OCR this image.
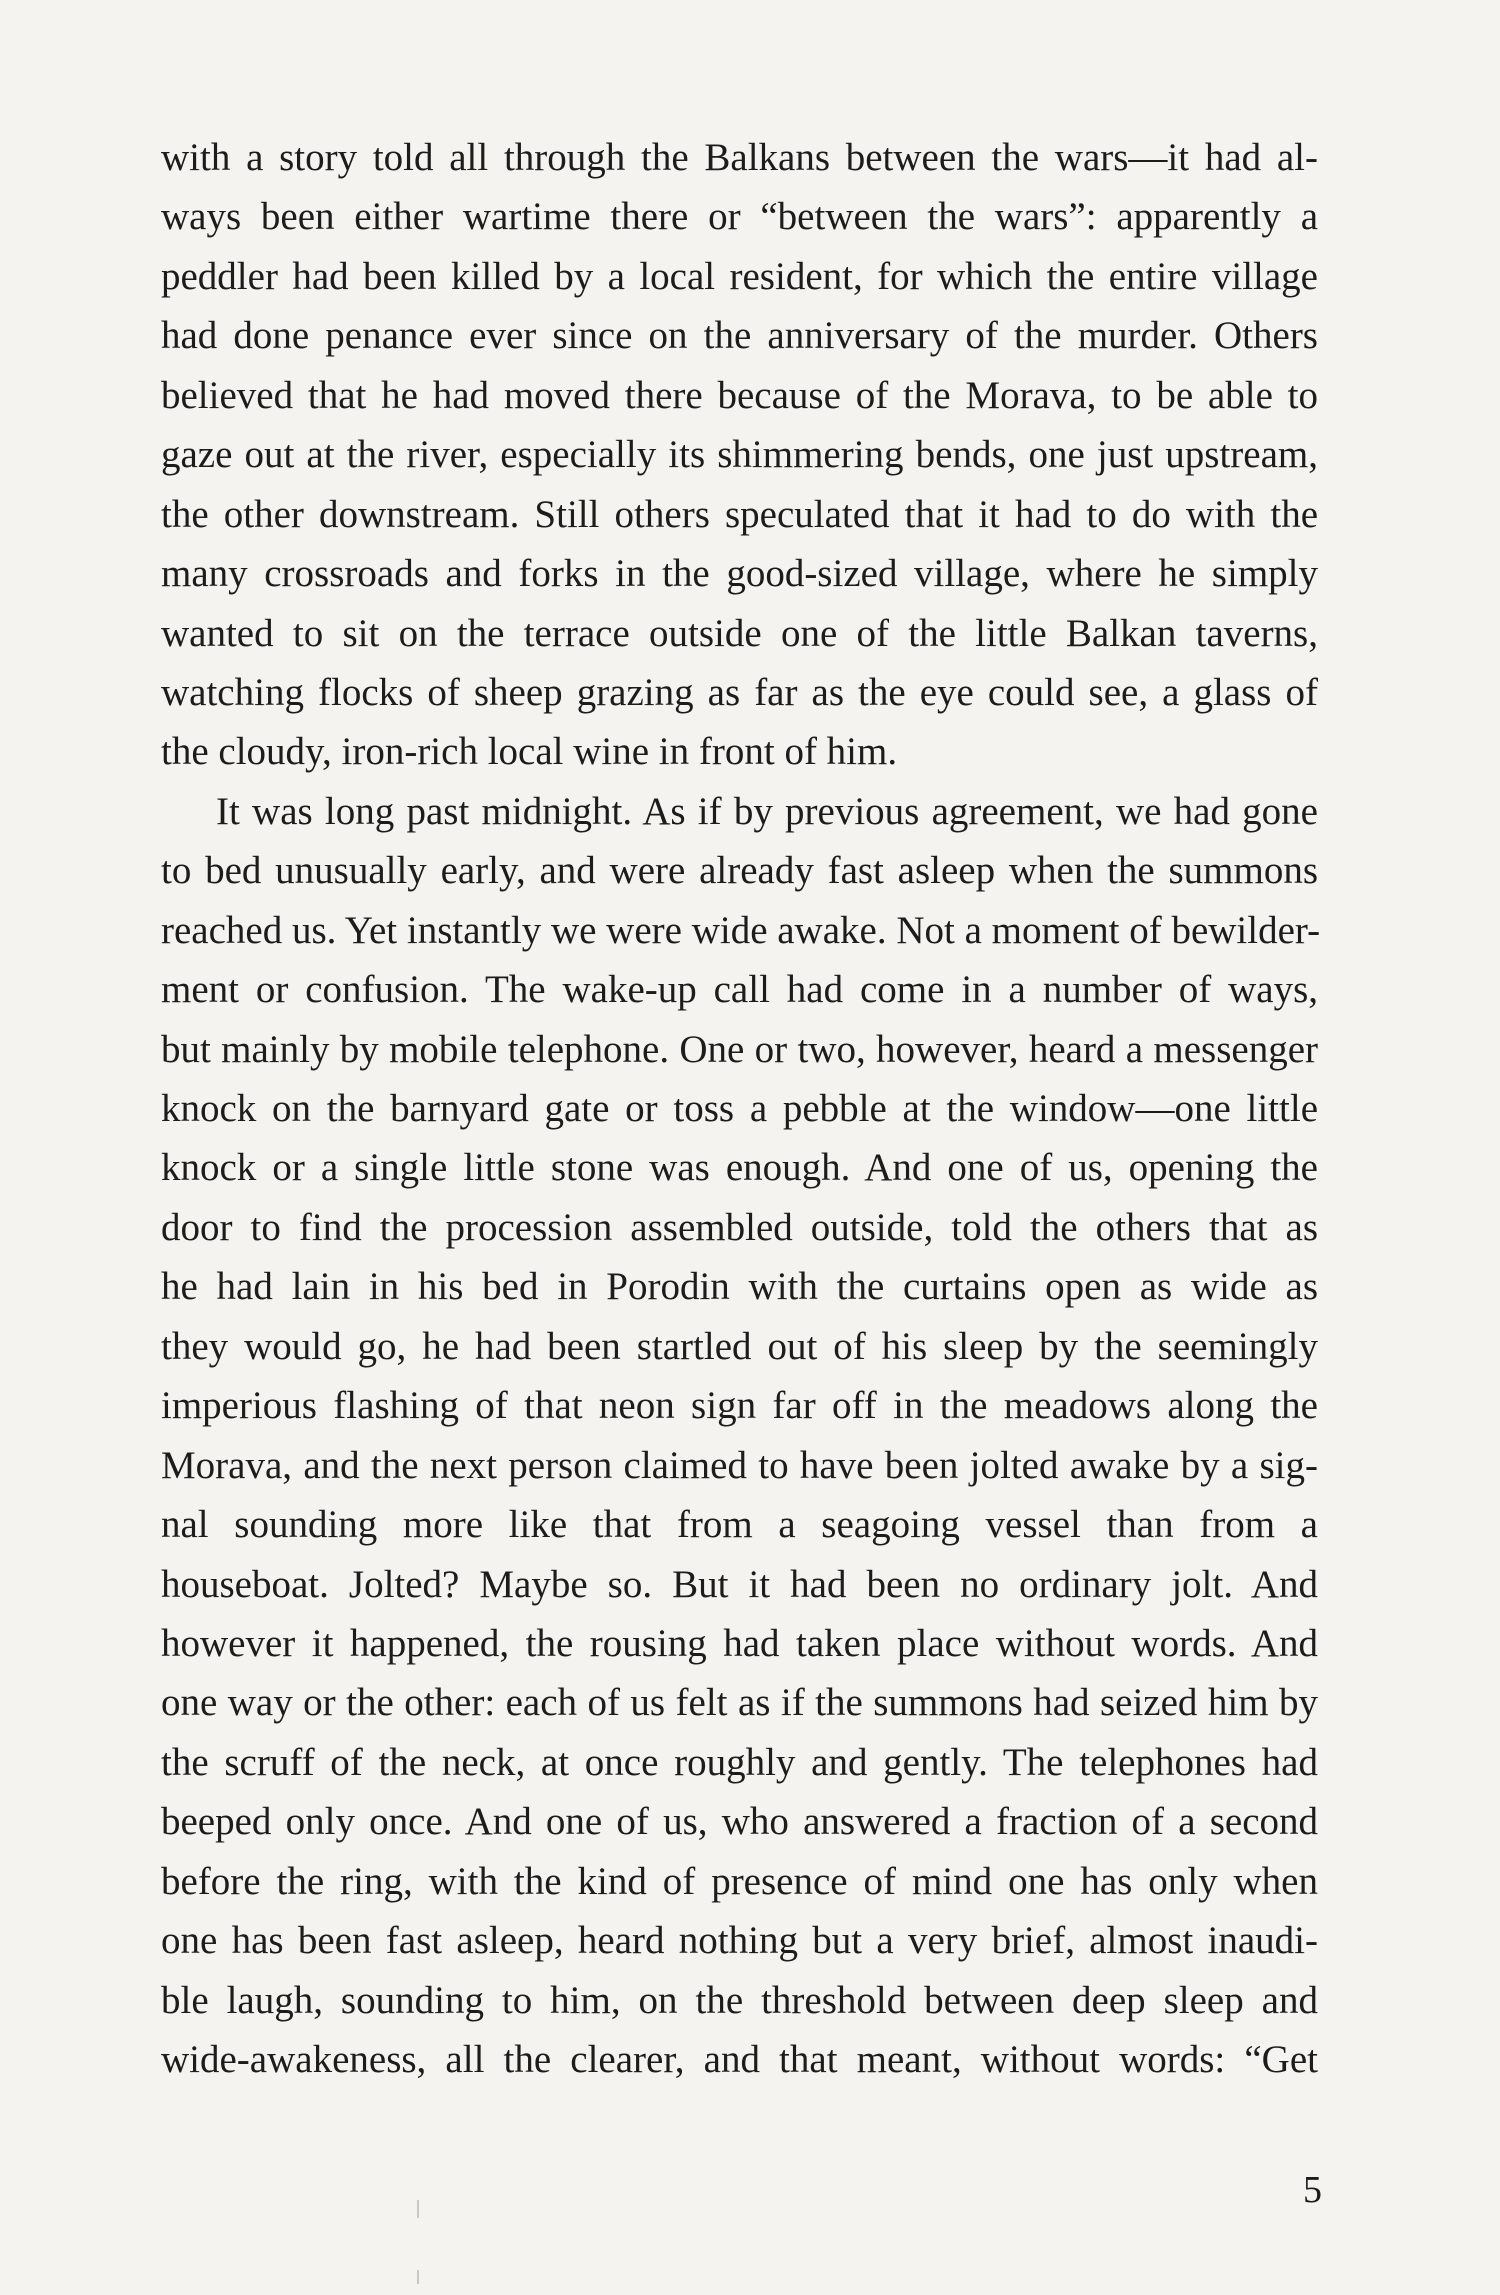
with a story told all through the Balkans between the wars—it had al-
ways been either wartime there or “between the wars”: apparently a
peddler had been killed by a local resident, for which the entire village
had done penance ever since on the anniversary of the murder. Others
believed that he had moved there because of the Morava, to be able to
gaze out at the river, especially its shimmering bends, one just upstream,
the other downstream. Still others speculated that it had to do with the
many crossroads and forks in the good-sized village, where he simply
wanted to sit on the terrace outside one of the little Balkan taverns,
watching flocks of sheep grazing as far as the eye could see, a glass of
the cloudy, iron-rich local wine in front of him.
It was long past midnight. As if by previous agreement, we had gone
to bed unusually early, and were already fast asleep when the summons
reached us. Yet instantly we were wide awake. Not a moment of bewilder-
ment or confusion. The wake-up call had come in a number of ways,
but mainly by mobile telephone. One or two, however, heard a messenger
knock on the barnyard gate or toss a pebble at the window—one little
knock or a single little stone was enough. And one of us, opening the
door to find the procession assembled outside, told the others that as
he had lain in his bed in Porodin with the curtains open as wide as
they would go, he had been startled out of his sleep by the seemingly
imperious flashing of that neon sign far off in the meadows along the
Morava, and the next person claimed to have been jolted awake by a sig-
nal sounding more like that from a seagoing vessel than from a
houseboat. Jolted? Maybe so. But it had been no ordinary jolt. And
however it happened, the rousing had taken place without words. And
one way or the other: each of us felt as if the summons had seized him by
the scruff of the neck, at once roughly and gently. The telephones had
beeped only once. And one of us, who answered a fraction of a second
before the ring, with the kind of presence of mind one has only when
one has been fast asleep, heard nothing but a very brief, almost inaudi-
ble laugh, sounding to him, on the threshold between deep sleep and
wide-awakeness, all the clearer, and that meant, without words: “Get
5
